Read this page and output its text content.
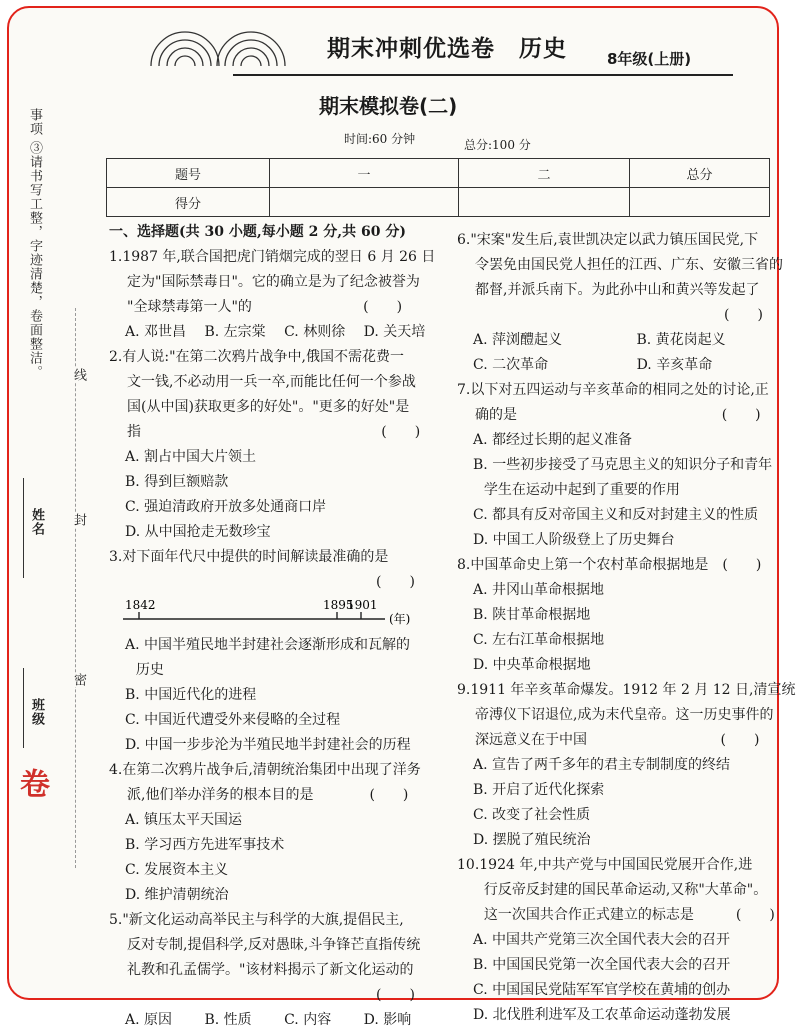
事项 ③请书写工整，字迹清楚，卷面整洁。
姓名
班级
线
封
密
卷
期末冲刺优选卷　历史	8年级(上册)
期末模拟卷(二)
时间:60 分钟	总分:100 分
题号	一	二	总分
得分			
一、选择题(共 30 小题,每小题 2 分,共 60 分)
1.1987 年,联合国把虎门销烟完成的翌日 6 月 26 日
定为"国际禁毒日"。它的确立是为了纪念被誉为
"全球禁毒第一人"的                         (　　)
A. 邓世昌　 B. 左宗棠　 C. 林则徐　 D. 关天培
2.有人说:"在第二次鸦片战争中,俄国不需花费一
文一钱,不必动用一兵一卒,而能比任何一个参战
国(从中国)获取更多的好处"。"更多的好处"是
指                                                      (　　)
A. 割占中国大片领土
B. 得到巨额赔款
C. 强迫清政府开放多处通商口岸
D. 从中国抢走无数珍宝
3.对下面年代尺中提供的时间解读最准确的是
(　　)
1842	1895
1901
(年)
A. 中国半殖民地半封建社会逐渐形成和瓦解的
历史
B. 中国近代化的进程
C. 中国近代遭受外来侵略的全过程
D. 中国一步步沦为半殖民地半封建社会的历程
4.在第二次鸦片战争后,清朝统治集团中出现了洋务
派,他们举办洋务的根本目的是　　　　(　　)
A. 镇压太平天国运
B. 学习西方先进军事技术
C. 发展资本主义
D. 维护清朝统治
5."新文化运动高举民主与科学的大旗,提倡民主,
反对专制,提倡科学,反对愚昧,斗争锋芒直指传统
礼教和孔孟儒学。"该材料揭示了新文化运动的
(　　)
A. 原因　　 B. 性质　　 C. 内容　　 D. 影响
6."宋案"发生后,袁世凯决定以武力镇压国民党,下
令罢免由国民党人担任的江西、广东、安徽三省的
都督,并派兵南下。为此孙中山和黄兴等发起了
(　　)
A. 萍浏醴起义　　　　　 B. 黄花岗起义
C. 二次革命　　　　　　 D. 辛亥革命
7.以下对五四运动与辛亥革命的相同之处的讨论,正
确的是                                              (　　)
A. 都经过长期的起义准备
B. 一些初步接受了马克思主义的知识分子和青年
学生在运动中起到了重要的作用
C. 都具有反对帝国主义和反对封建主义的性质
D. 中国工人阶级登上了历史舞台
8.中国革命史上第一个农村革命根据地是　(　　)
A. 井冈山革命根据地
B. 陕甘革命根据地
C. 左右江革命根据地
D. 中央革命根据地
9.1911 年辛亥革命爆发。1912 年 2 月 12 日,清宣统
帝溥仪下诏退位,成为末代皇帝。这一历史事件的
深远意义在于中国                              (　　)
A. 宣告了两千多年的君主专制制度的终结
B. 开启了近代化探索
C. 改变了社会性质
D. 摆脱了殖民统治
10.1924 年,中共产党与中国国民党展开合作,进
行反帝反封建的国民革命运动,又称"大革命"。
这一次国共合作正式建立的标志是　　　(　　)
A. 中国共产党第三次全国代表大会的召开
B. 中国国民党第一次全国代表大会的召开
C. 中国国民党陆军军官学校在黄埔的创办
D. 北伐胜利进军及工农革命运动蓬勃发展
